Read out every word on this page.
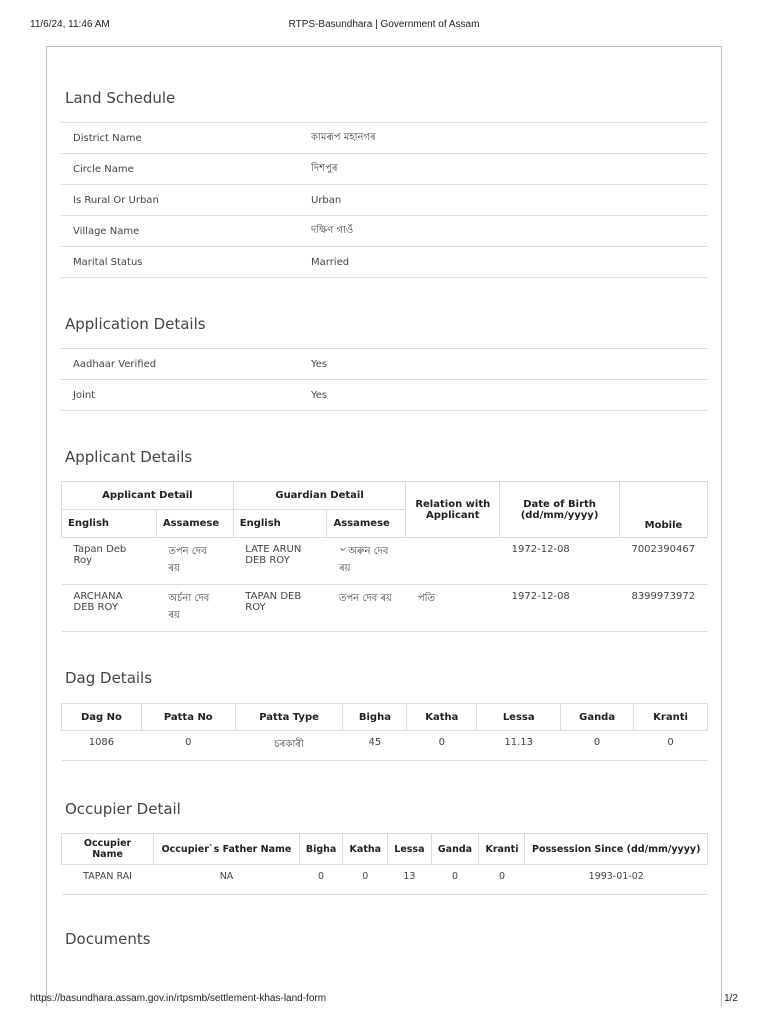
11/6/24, 11:46 AM	RTPS-Basundhara | Government of Assam
Land Schedule
District Name	কামৰূপ মহানগৰ
Circle Name	দিশপুৰ
Is Rural Or Urban	Urban
Village Name	দক্ষিণ গাওঁ
Marital Status	Married
Application Details
Aadhaar Verified	Yes
Joint	Yes
Applicant Details
Applicant Detail		Guardian Detail		Relation with Applicant	Date of Birth (dd/mm/yyyy)	Mobile
English	Assamese	English	Assamese			
Tapan Deb Roy	তপন দেব ৰয়	LATE ARUN DEB ROY	৺ অৰুন দেব ৰয়		1972-12-08	7002390467
ARCHANA DEB ROY	অৰ্চনা দেব ৰয়	TAPAN DEB ROY	তপন দেব ৰয়	পতি	1972-12-08	8399973972
Dag Details
Dag No	Patta No	Patta Type	Bigha	Katha	Lessa	Ganda	Kranti
1086	0	চৰকাৰী	45	0	11.13	0	0
Occupier Detail
Occupier Name	Occupier`s Father Name	Bigha	Katha	Lessa	Ganda	Kranti	Possession Since (dd/mm/yyyy)
TAPAN RAI	NA	0	0	13	0	0	1993-01-02
Documents
https://basundhara.assam.gov.in/rtpsmb/settlement-khas-land-form	1/2
